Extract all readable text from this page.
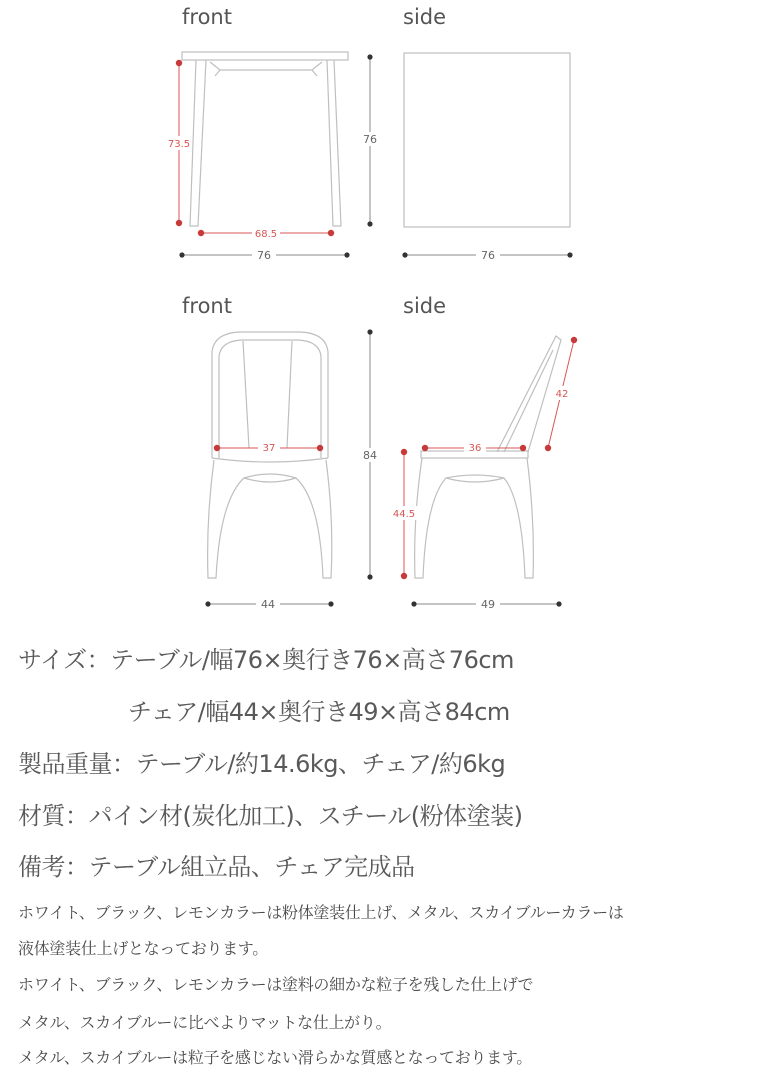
front
73.5
68.5
76
76
side
76
front
37
44
84
side
36
42
44.5
49
サイズ：テーブル/幅76×奥行き76×高さ76cm
チェア/幅44×奥行き49×高さ84cm
製品重量：テーブル/約14.6kg、チェア/約6kg
材質：パイン材(炭化加工)、スチール(粉体塗装)
備考：テーブル組立品、チェア完成品
ホワイト、ブラック、レモンカラーは粉体塗装仕上げ、メタル、スカイブルーカラーは
液体塗装仕上げとなっております。
ホワイト、ブラック、レモンカラーは塗料の細かな粒子を残した仕上げで
メタル、スカイブルーに比べよりマットな仕上がり。
メタル、スカイブルーは粒子を感じない滑らかな質感となっております。
